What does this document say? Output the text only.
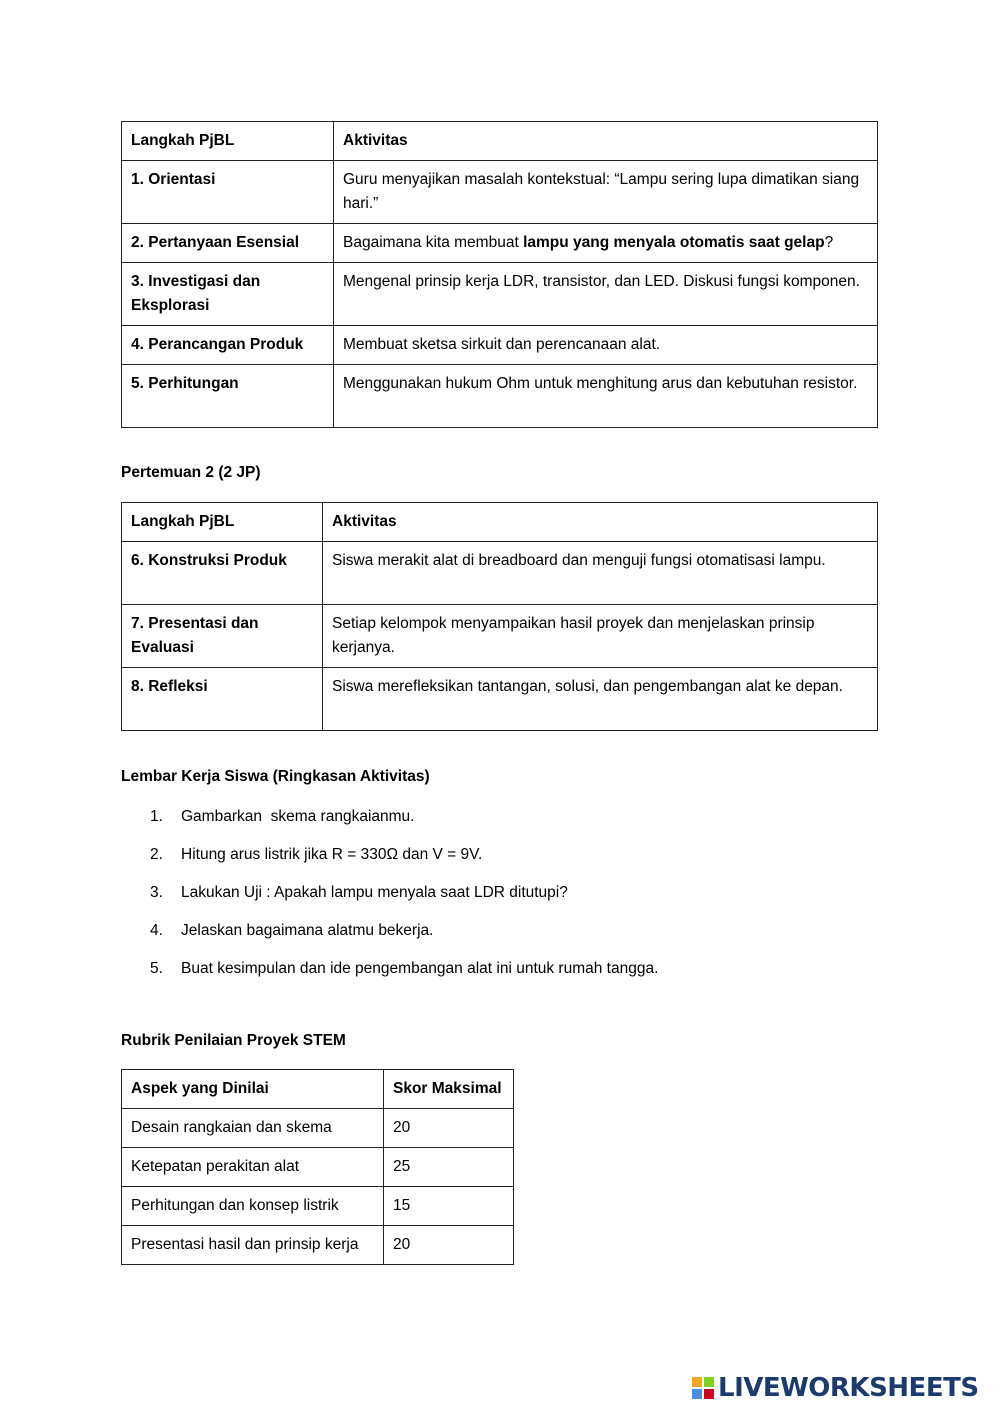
Langkah PjBL	Aktivitas
1. Orientasi	Guru menyajikan masalah kontekstual: “Lampu sering lupa dimatikan siang hari.”
2. Pertanyaan Esensial	Bagaimana kita membuat lampu yang menyala otomatis saat gelap?
3. Investigasi dan Eksplorasi	Mengenal prinsip kerja LDR, transistor, dan LED. Diskusi fungsi komponen.
4. Perancangan Produk	Membuat sketsa sirkuit dan perencanaan alat.
5. Perhitungan	Menggunakan hukum Ohm untuk menghitung arus dan kebutuhan resistor.
Pertemuan 2 (2 JP)
Langkah PjBL	Aktivitas
6. Konstruksi Produk	Siswa merakit alat di breadboard dan menguji fungsi otomatisasi lampu.
7. Presentasi dan Evaluasi	Setiap kelompok menyampaikan hasil proyek dan menjelaskan prinsip kerjanya.
8. Refleksi	Siswa merefleksikan tantangan, solusi, dan pengembangan alat ke depan.
Lembar Kerja Siswa (Ringkasan Aktivitas)
1. Gambarkan  skema rangkaianmu.
2. Hitung arus listrik jika R = 330Ω dan V = 9V.
3. Lakukan Uji : Apakah lampu menyala saat LDR ditutupi?
4. Jelaskan bagaimana alatmu bekerja.
5. Buat kesimpulan dan ide pengembangan alat ini untuk rumah tangga.
Rubrik Penilaian Proyek STEM
Aspek yang Dinilai	Skor Maksimal
Desain rangkaian dan skema	20
Ketepatan perakitan alat	25
Perhitungan dan konsep listrik	15
Presentasi hasil dan prinsip kerja	20
LIVEWORKSHEETS
